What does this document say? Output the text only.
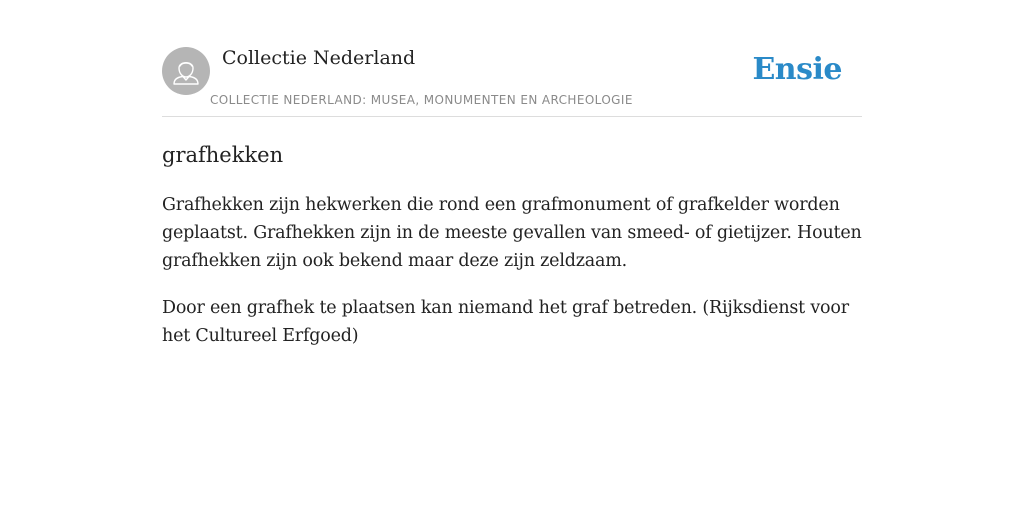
Collectie Nederland
COLLECTIE NEDERLAND: MUSEA, MONUMENTEN EN ARCHEOLOGIE
Ensie
grafhekken

Grafhekken zijn hekwerken die rond een grafmonument of grafkelder worden geplaatst. Grafhekken zijn in de meeste gevallen van smeed- of gietijzer. Houten grafhekken zijn ook bekend maar deze zijn zeldzaam.

Door een grafhek te plaatsen kan niemand het graf betreden. (Rijksdienst voor het Cultureel Erfgoed)
